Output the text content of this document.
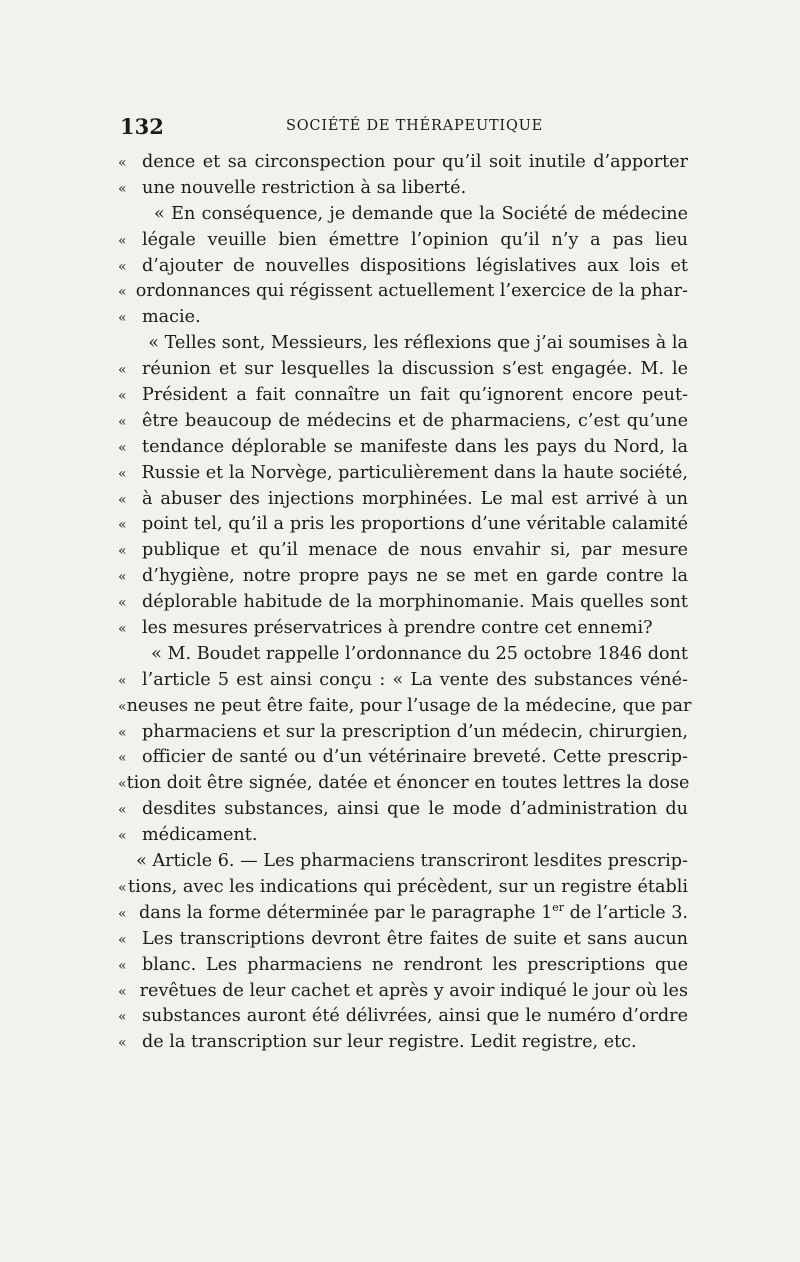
132	SOCIÉTÉ DE THÉRAPEUTIQUE
« dence et sa circonspection pour qu’il soit inutile d’apporter
« une nouvelle restriction à sa liberté.
« En conséquence, je demande que la Société de médecine
« légale veuille bien émettre l’opinion qu’il n’y a pas lieu
« d’ajouter de nouvelles dispositions législatives aux lois et
« ordonnances qui régissent actuellement l’exercice de la phar-
« macie.
« Telles sont, Messieurs, les réflexions que j’ai soumises à la
« réunion et sur lesquelles la discussion s’est engagée. M. le
« Président a fait connaître un fait qu’ignorent encore peut-
« être beaucoup de médecins et de pharmaciens, c’est qu’une
« tendance déplorable se manifeste dans les pays du Nord, la
« Russie et la Norvège, particulièrement dans la haute société,
« à abuser des injections morphinées. Le mal est arrivé à un
« point tel, qu’il a pris les proportions d’une véritable calamité
« publique et qu’il menace de nous envahir si, par mesure
« d’hygiène, notre propre pays ne se met en garde contre la
« déplorable habitude de la morphinomanie. Mais quelles sont
« les mesures préservatrices à prendre contre cet ennemi?
« M. Boudet rappelle l’ordonnance du 25 octobre 1846 dont
« l’article 5 est ainsi conçu : « La vente des substances véné-
« neuses ne peut être faite, pour l’usage de la médecine, que par
« pharmaciens et sur la prescription d’un médecin, chirurgien,
« officier de santé ou d’un vétérinaire breveté. Cette prescrip-
« tion doit être signée, datée et énoncer en toutes lettres la dose
« desdites substances, ainsi que le mode d’administration du
« médicament.
« Article 6. — Les pharmaciens transcriront lesdites prescrip-
« tions, avec les indications qui précèdent, sur un registre établi
« dans la forme déterminée par le paragraphe 1er de l’article 3.
« Les transcriptions devront être faites de suite et sans aucun
« blanc. Les pharmaciens ne rendront les prescriptions que
« revêtues de leur cachet et après y avoir indiqué le jour où les
« substances auront été délivrées, ainsi que le numéro d’ordre
« de la transcription sur leur registre. Ledit registre, etc.
